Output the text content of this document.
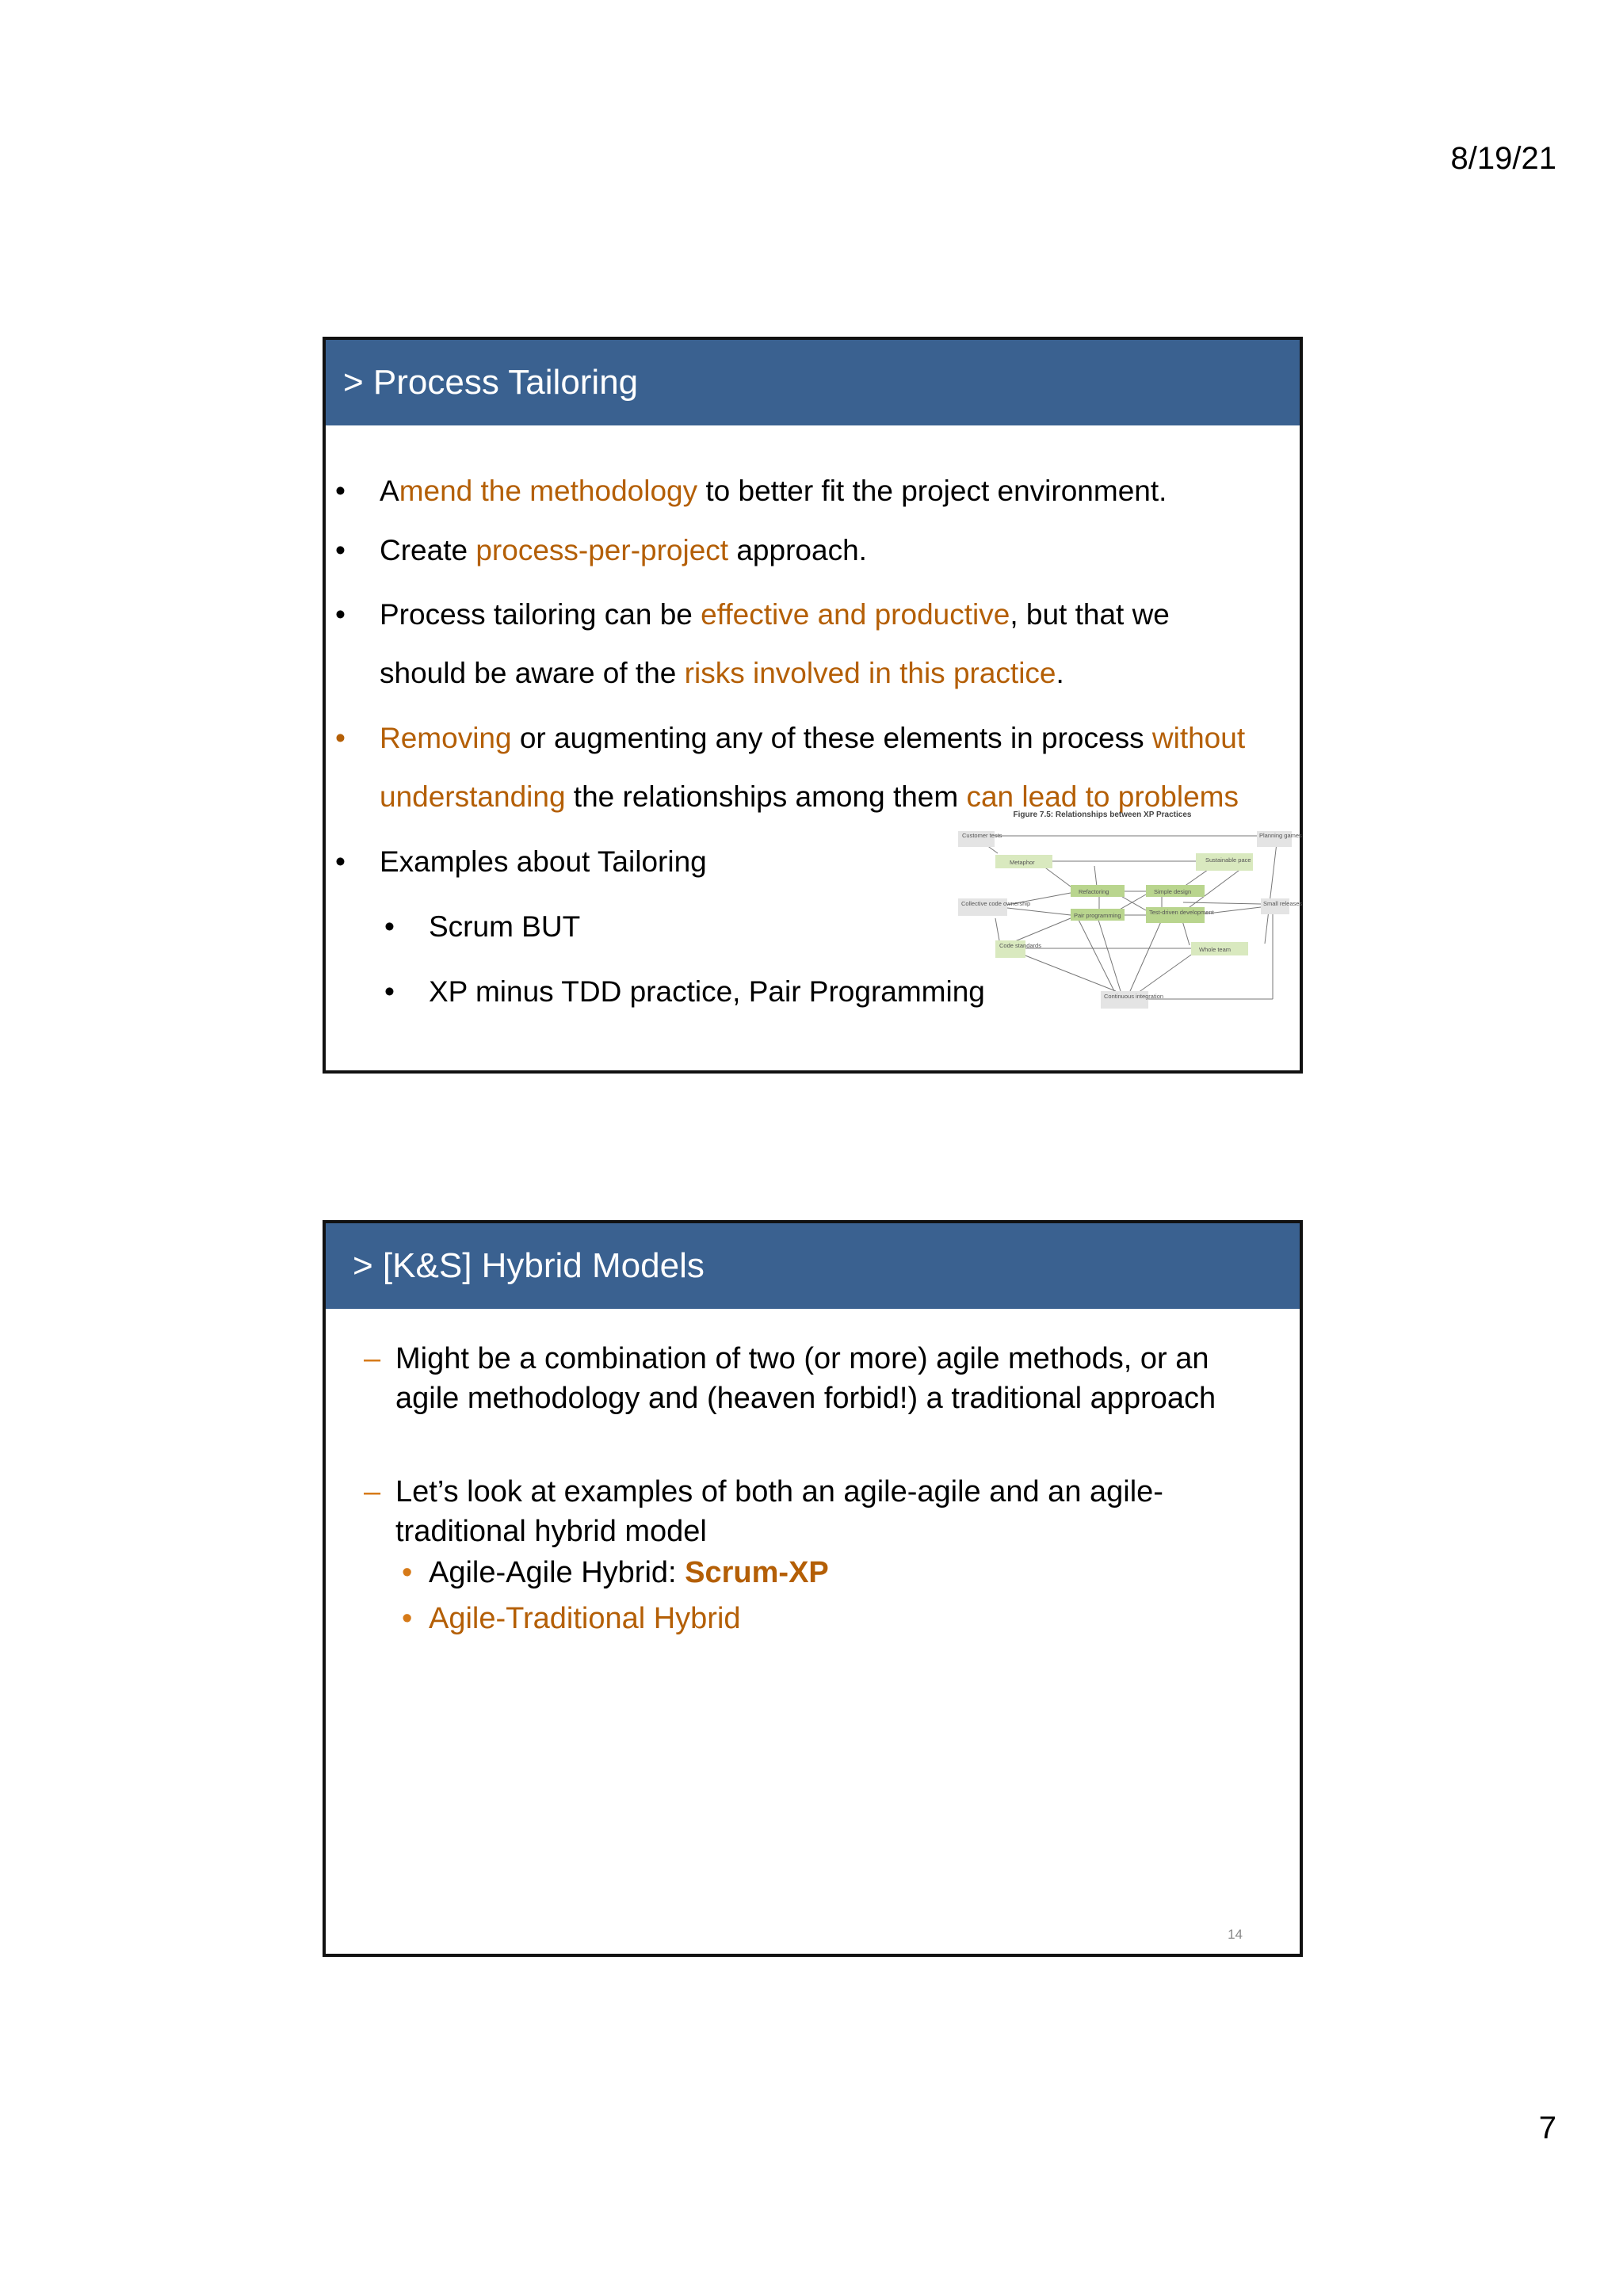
8/19/21
> Process Tailoring
• Amend the methodology to better fit the project environment.
• Create process-per-project approach.
• Process tailoring can be effective and productive, but that we
should be aware of the risks involved in this practice.
• Removing or augmenting any of these elements in process without
understanding the relationships among them can lead to problems
• Examples about Tailoring
• Scrum BUT
• XP minus TDD practice, Pair Programming
Figure 7.5: Relationships between XP Practices
Customer tests	Planning games
Metaphor	Sustainable pace
Refactoring	Simple design
Collective code ownership	Small releases
Pair programming	Test-driven development
Code standards
Whole team
Continuous integration
> [K&S] Hybrid Models
– Might be a combination of two (or more) agile methods, or an
agile methodology and (heaven forbid!) a traditional approach
– Let’s look at examples of both an agile-agile and an agile-
traditional hybrid model
• Agile-Agile Hybrid: Scrum-XP
• Agile-Traditional Hybrid
14
7
